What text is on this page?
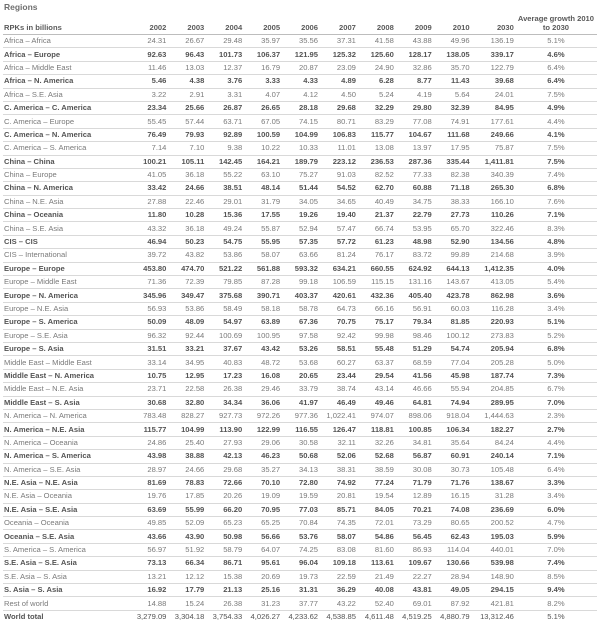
Regions
RPKs in billions	2002	2003	2004	2005	2006	2007	2008	2009	2010	2030	Average growth 2010 to 2030
Africa – Africa	24.31	26.67	29.48	35.97	35.56	37.31	41.58	43.88	49.96	136.19	5.1%
Africa – Europe	92.63	96.43	101.73	106.37	121.95	125.32	125.60	128.17	138.05	339.17	4.6%
Africa – Middle East	11.46	13.03	12.37	16.79	20.87	23.09	24.90	32.86	35.70	122.79	6.4%
Africa – N. America	5.46	4.38	3.76	3.33	4.33	4.89	6.28	8.77	11.43	39.68	6.4%
Africa – S.E. Asia	3.22	2.91	3.31	4.07	4.12	4.50	5.24	4.19	5.64	24.01	7.5%
C. America – C. America	23.34	25.66	26.87	26.65	28.18	29.68	32.29	29.80	32.39	84.95	4.9%
C. America – Europe	55.45	57.44	63.71	67.05	74.15	80.71	83.29	77.08	74.91	177.61	4.4%
C. America – N. America	76.49	79.93	92.89	100.59	104.99	106.83	115.77	104.67	111.68	249.66	4.1%
C. America – S. America	7.14	7.10	9.38	10.22	10.33	11.01	13.08	13.97	17.95	75.87	7.5%
China – China	100.21	105.11	142.45	164.21	189.79	223.12	236.53	287.36	335.44	1,411.81	7.5%
China – Europe	41.05	36.18	55.22	63.10	75.27	91.03	82.52	77.33	82.38	340.39	7.4%
China – N. America	33.42	24.66	38.51	48.14	51.44	54.52	62.70	60.88	71.18	265.30	6.8%
China – N.E. Asia	27.88	22.46	29.01	31.79	34.05	34.65	40.49	34.75	38.33	166.10	7.6%
China – Oceania	11.80	10.28	15.36	17.55	19.26	19.40	21.37	22.79	27.73	110.26	7.1%
China – S.E. Asia	43.32	36.18	49.24	55.87	52.94	57.47	66.74	53.95	65.70	322.46	8.3%
CIS – CIS	46.94	50.23	54.75	55.95	57.35	57.72	61.23	48.98	52.90	134.56	4.8%
CIS – International	39.72	43.82	53.86	58.07	63.66	81.24	76.17	83.72	99.89	214.68	3.9%
Europe – Europe	453.80	474.70	521.22	561.88	593.32	634.21	660.55	624.92	644.13	1,412.35	4.0%
Europe – Middle East	71.36	72.39	79.85	87.28	99.18	106.59	115.15	131.16	143.67	413.05	5.4%
Europe – N. America	345.96	349.47	375.68	390.71	403.37	420.61	432.36	405.40	423.78	862.98	3.6%
Europe – N.E. Asia	56.93	53.86	58.49	58.18	58.78	64.73	66.16	56.91	60.03	116.28	3.4%
Europe – S. America	50.09	48.09	54.97	63.89	67.36	70.75	75.17	79.34	81.85	220.93	5.1%
Europe – S.E. Asia	96.32	92.44	100.69	100.95	97.58	92.42	99.98	98.46	100.12	273.83	5.2%
Europe – S. Asia	31.51	33.21	37.67	43.42	53.26	58.51	55.48	51.29	54.74	205.94	6.8%
Middle East – Middle East	33.14	34.95	40.83	48.72	53.68	60.27	63.37	68.59	77.04	205.28	5.0%
Middle East – N. America	10.75	12.95	17.23	16.08	20.65	23.44	29.54	41.56	45.98	187.74	7.3%
Middle East – N.E. Asia	23.71	22.58	26.38	29.46	33.79	38.74	43.14	46.66	55.94	204.85	6.7%
Middle East – S. Asia	30.68	32.80	34.34	36.06	41.97	46.49	49.46	64.81	74.94	289.95	7.0%
N. America – N. America	783.48	828.27	927.73	972.26	977.36	1,022.41	974.07	898.06	918.04	1,444.63	2.3%
N. America – N.E. Asia	115.77	104.99	113.90	122.99	116.55	126.47	118.81	100.85	106.34	182.27	2.7%
N. America – Oceania	24.86	25.40	27.93	29.06	30.58	32.11	32.26	34.81	35.64	84.24	4.4%
N. America – S. America	43.98	38.88	42.13	46.23	50.68	52.06	52.68	56.87	60.91	240.14	7.1%
N. America – S.E. Asia	28.97	24.66	29.68	35.27	34.13	38.31	38.59	30.08	30.73	105.48	6.4%
N.E. Asia – N.E. Asia	81.69	78.83	72.66	70.10	72.80	74.92	77.24	71.79	71.76	138.67	3.3%
N.E. Asia – Oceania	19.76	17.85	20.26	19.09	19.59	20.81	19.54	12.89	16.15	31.28	3.4%
N.E. Asia – S.E. Asia	63.69	55.99	66.20	70.95	77.03	85.71	84.05	70.21	74.08	236.69	6.0%
Oceania – Oceania	49.85	52.09	65.23	65.25	70.84	74.35	72.01	73.29	80.65	200.52	4.7%
Oceania – S.E. Asia	43.66	43.90	50.98	56.66	53.76	58.07	54.86	56.45	62.43	195.03	5.9%
S. America – S. America	56.97	51.92	58.79	64.07	74.25	83.08	81.60	86.93	114.04	440.01	7.0%
S.E. Asia – S.E. Asia	73.13	66.34	86.71	95.61	96.04	109.18	113.61	109.67	130.66	539.98	7.4%
S.E. Asia – S. Asia	13.21	12.12	15.38	20.69	19.73	22.59	21.49	22.27	28.94	148.90	8.5%
S. Asia – S. Asia	16.92	17.79	21.13	25.16	31.31	36.29	40.08	43.81	49.05	294.15	9.4%
Rest of world	14.88	15.24	26.38	31.23	37.77	43.22	52.40	69.01	87.92	421.81	8.2%
World total	3,279.09	3,304.18	3,754.33	4,026.27	4,233.62	4,538.85	4,611.48	4,519.25	4,880.79	13,312.46	5.1%
